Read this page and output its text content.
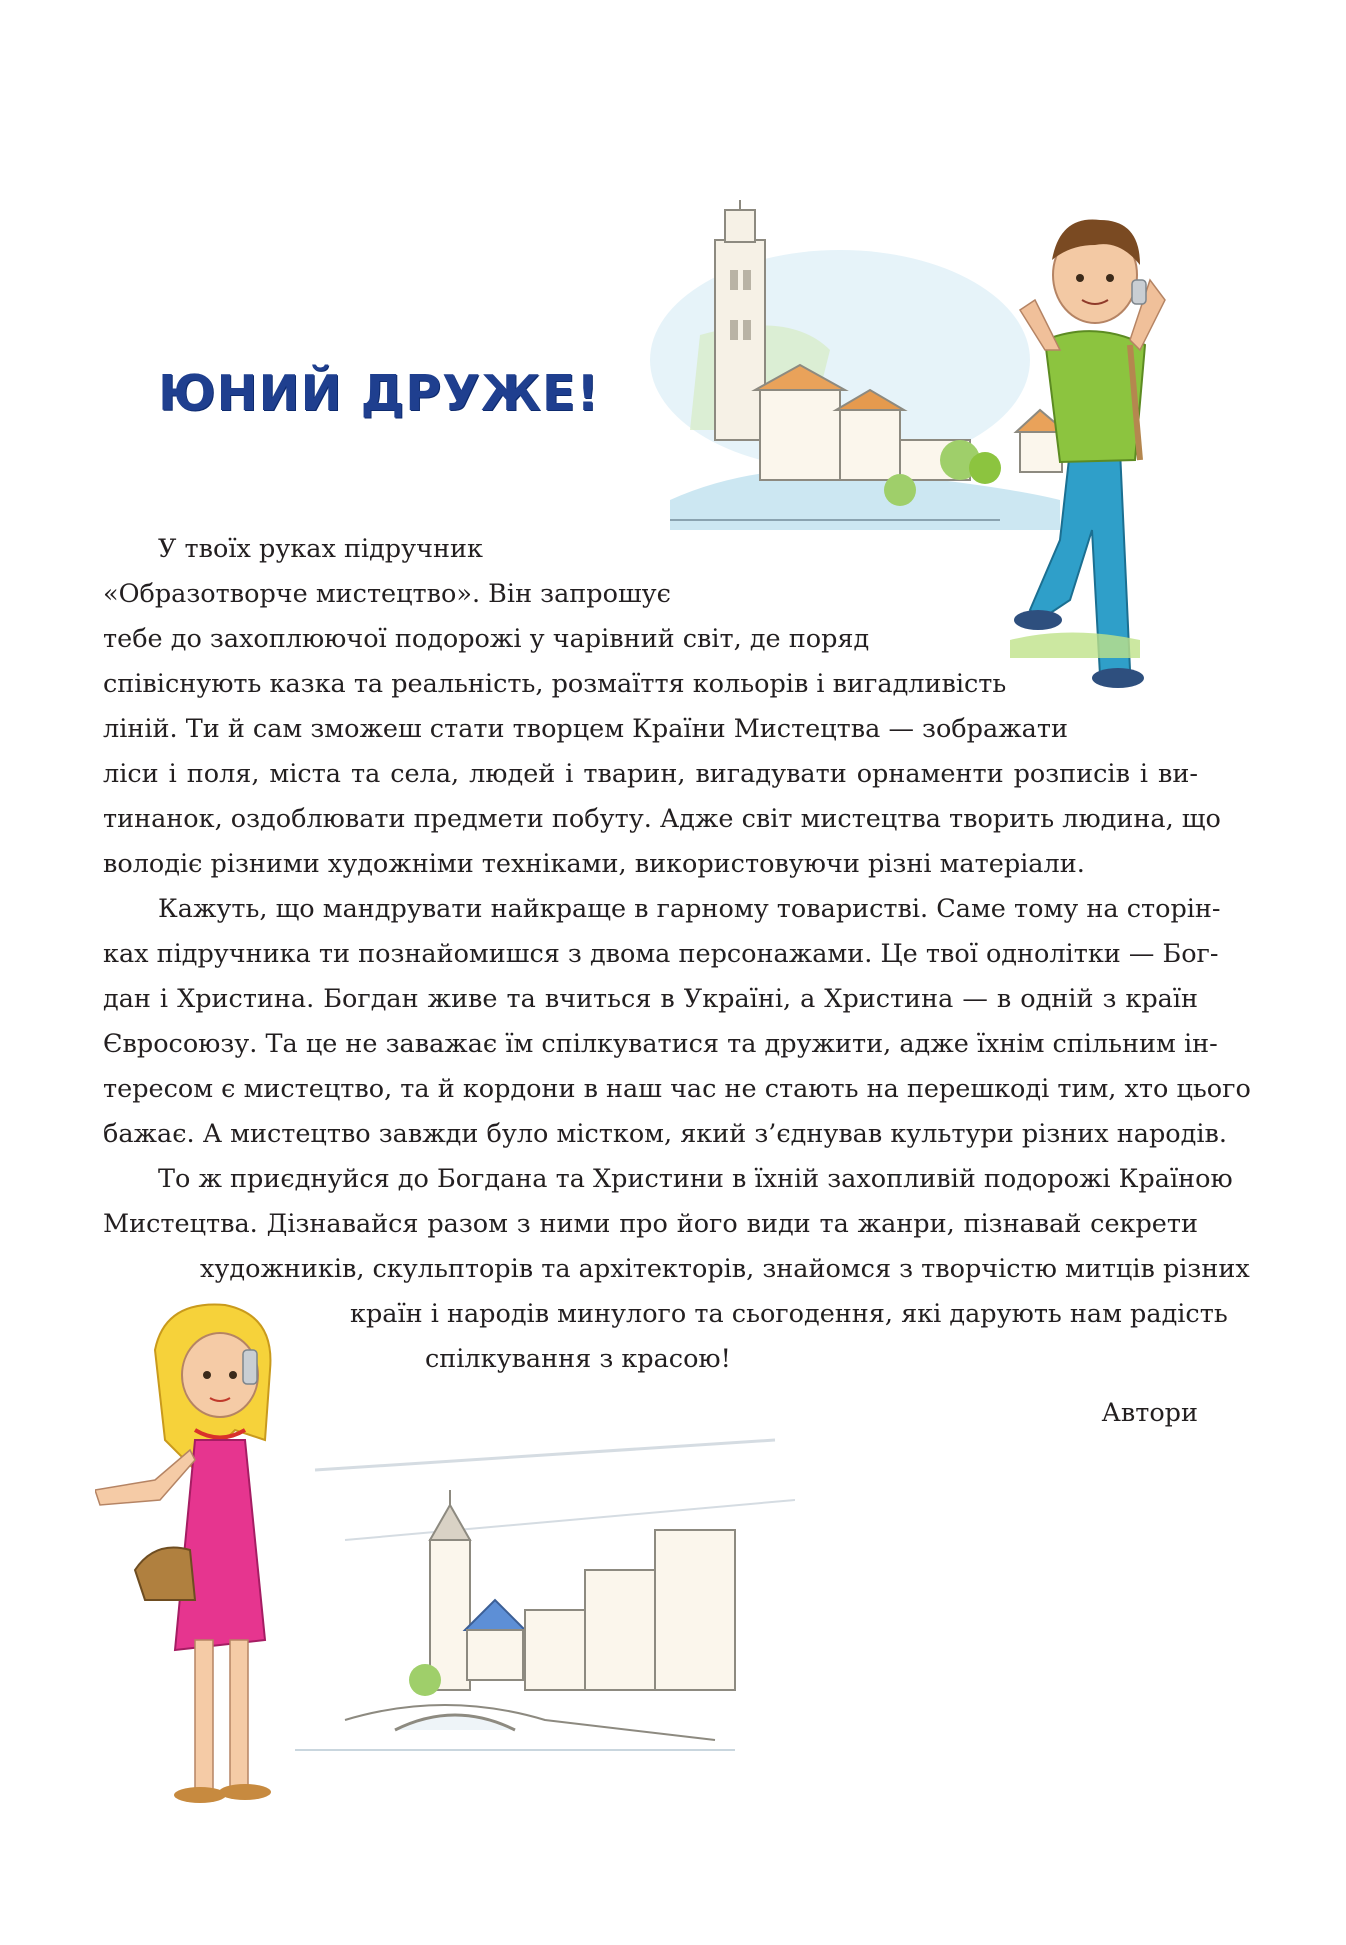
ЮНИЙ ДРУЖЕ!
У твоїх руках підручник
«Образотворче мистецтво». Він запрошує
тебе до захоплюючої подорожі у чарівний світ, де поряд
співіснують казка та реальність, розмаїття кольорів і вигадливість
ліній. Ти й сам зможеш стати творцем Країни Мистецтва — зображати
ліси і поля, міста та села, людей і тварин, вигадувати орнаменти розписів і ви-
тинанок, оздоблювати предмети побуту. Адже світ мистецтва творить людина, що
володіє різними художніми техніками, використовуючи різні матеріали.
Кажуть, що мандрувати найкраще в гарному товаристві. Саме тому на сторін-
ках підручника ти познайомишся з двома персонажами. Це твої однолітки — Бог-
дан і Христина. Богдан живе та вчиться в Україні, а Христина — в одній з країн
Євросоюзу. Та це не заважає їм спілкуватися та дружити, адже їхнім спільним ін-
тересом є мистецтво, та й кордони в наш час не стають на перешкоді тим, хто цього
бажає. А мистецтво завжди було містком, який з’єднував культури різних народів.
То ж приєднуйся до Богдана та Христини в їхній захопливій подорожі Країною
Мистецтва. Дізнавайся разом з ними про його види та жанри, пізнавай секрети
художників, скульпторів та архітекторів, знайомся з творчістю митців різних
країн і народів минулого та сьогодення, які дарують нам радість
спілкування з красою!
Автори
